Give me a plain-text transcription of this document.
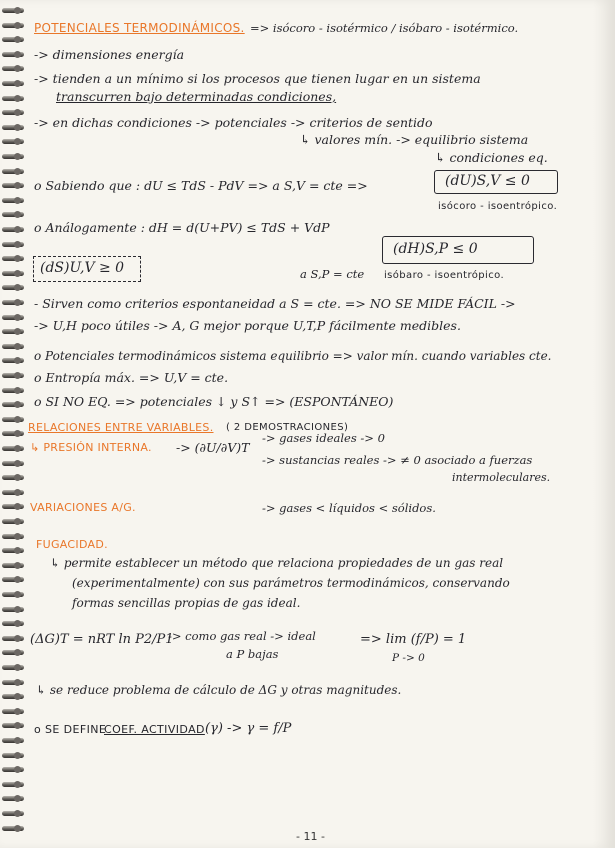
POTENCIALES TERMODINÁMICOS. => isócoro - isotérmico / isóbaro - isotérmico.
-> dimensiones energía
-> tienden a un mínimo si los procesos que tienen lugar en un sistema
transcurren bajo determinadas condiciones,
-> en dichas condiciones -> potenciales -> criterios de sentido
↳ valores mín. -> equilibrio sistema
↳ condiciones eq.
o Sabiendo que : dU ≤ TdS - PdV => a S,V = cte =>	(dU)S,V ≤ 0
isócoro - isoentrópico.
o Análogamente : dH = d(U+PV) ≤ TdS + VdP
(dS)U,V ≥ 0	a S,P = cte
(dH)S,P ≤ 0
isóbaro - isoentrópico.
- Sirven como criterios espontaneidad a S = cte. => NO SE MIDE FÁCIL ->
-> U,H poco útiles -> A, G mejor porque U,T,P fácilmente medibles.
o Potenciales termodinámicos sistema equilibrio => valor mín. cuando variables cte.
o Entropía máx. => U,V = cte.
o SI NO EQ. => potenciales ↓ y S↑ => (ESPONTÁNEO)
RELACIONES ENTRE VARIABLES. ( 2 DEMOSTRACIONES)
↳ PRESIÓN INTERNA. -> (∂U/∂V)T
-> gases ideales -> 0
-> sustancias reales -> ≠ 0 asociado a fuerzas
intermoleculares.
VARIACIONES A/G.	-> gases < líquidos < sólidos.
FUGACIDAD.
↳ permite establecer un método que relaciona propiedades de un gas real
(experimentalmente) con sus parámetros termodinámicos, conservando
formas sencillas propias de gas ideal.
(ΔG)T = nRT ln P2/P1
-> como gas real -> ideal
a P bajas
=> lim (f/P) = 1
P -> 0
↳ se reduce problema de cálculo de ΔG y otras magnitudes.
o SE DEFINE
COEF. ACTIVIDAD (γ) -> γ = f/P
- 11 -
